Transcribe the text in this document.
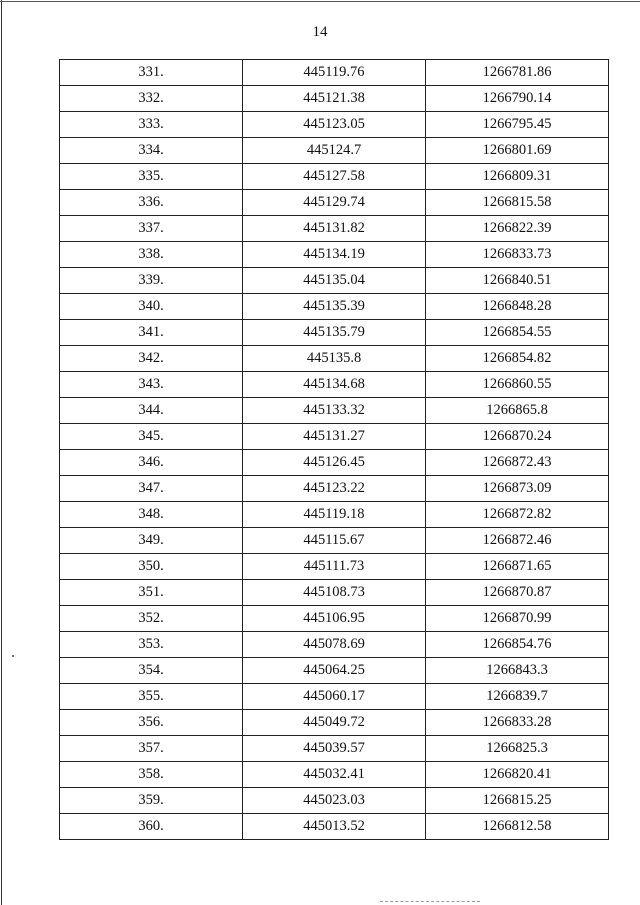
14
331.	445119.76	1266781.86
332.	445121.38	1266790.14
333.	445123.05	1266795.45
334.	445124.7	1266801.69
335.	445127.58	1266809.31
336.	445129.74	1266815.58
337.	445131.82	1266822.39
338.	445134.19	1266833.73
339.	445135.04	1266840.51
340.	445135.39	1266848.28
341.	445135.79	1266854.55
342.	445135.8	1266854.82
343.	445134.68	1266860.55
344.	445133.32	1266865.8
345.	445131.27	1266870.24
346.	445126.45	1266872.43
347.	445123.22	1266873.09
348.	445119.18	1266872.82
349.	445115.67	1266872.46
350.	445111.73	1266871.65
351.	445108.73	1266870.87
352.	445106.95	1266870.99
353.	445078.69	1266854.76
354.	445064.25	1266843.3
355.	445060.17	1266839.7
356.	445049.72	1266833.28
357.	445039.57	1266825.3
358.	445032.41	1266820.41
359.	445023.03	1266815.25
360.	445013.52	1266812.58
